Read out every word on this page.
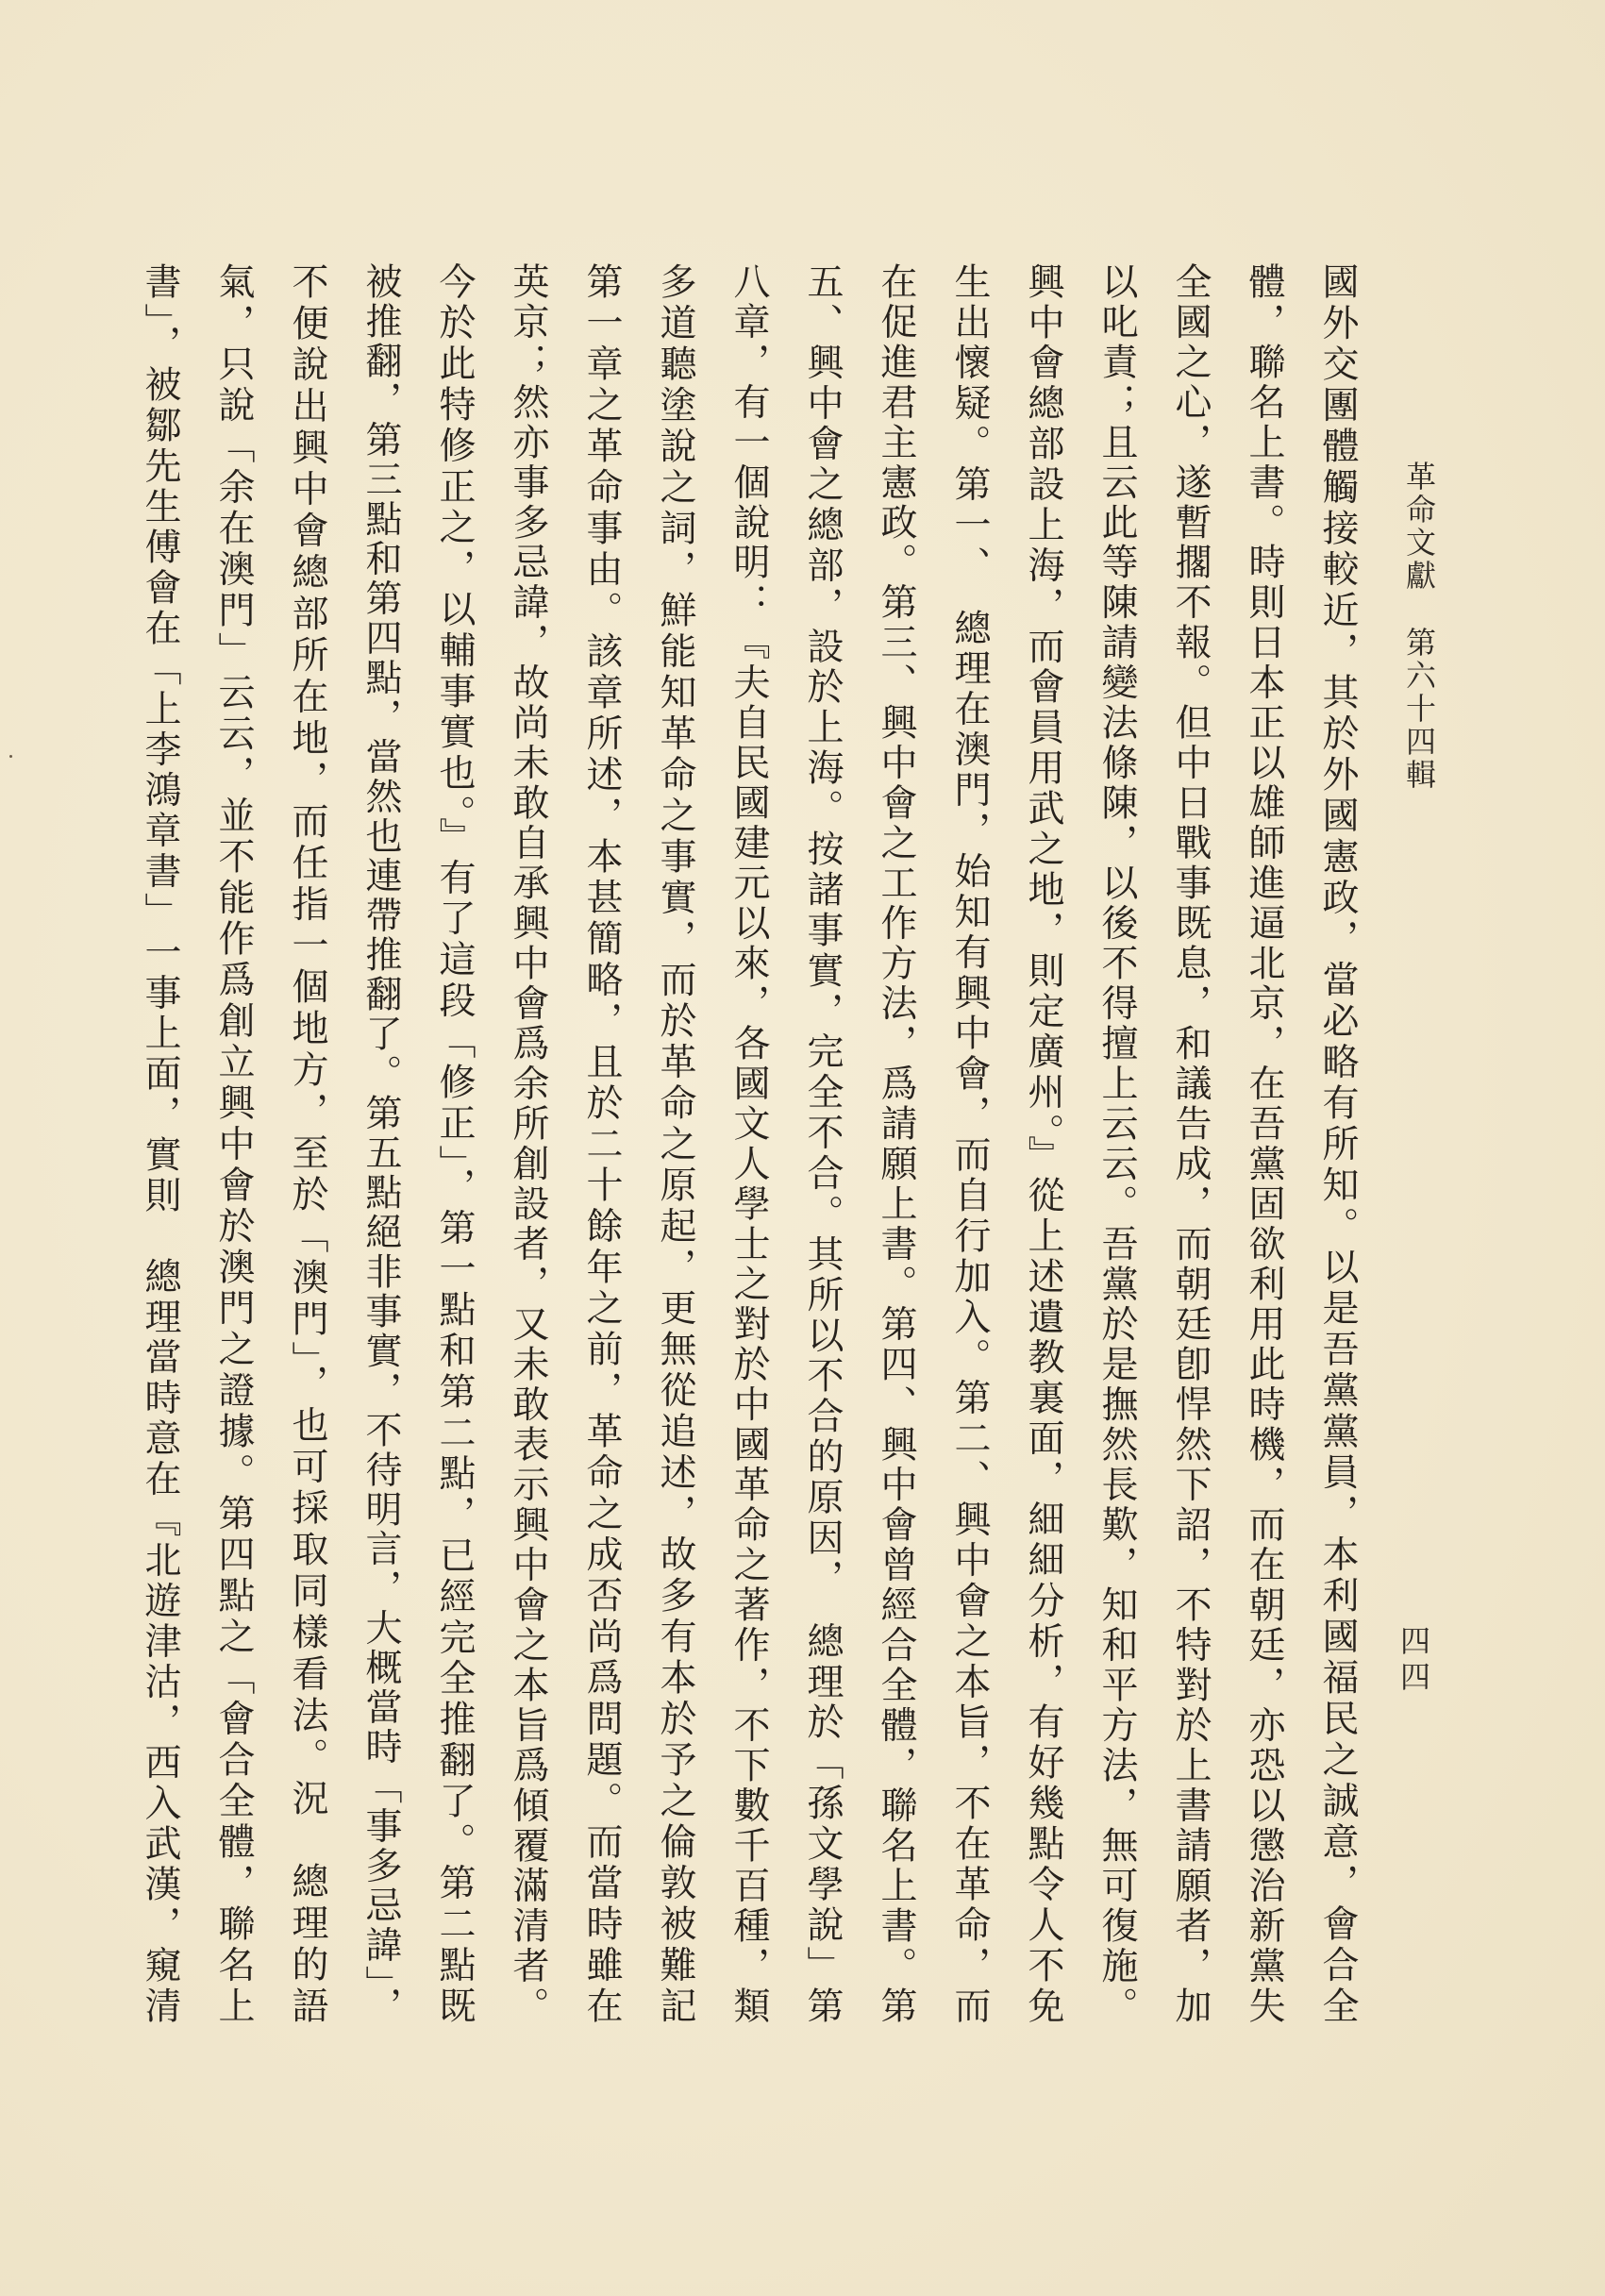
革命文獻第六十四輯
四四
國外交團體觸接較近，其於外國憲政，當必略有所知。以是吾黨黨員，本利國福民之誠意，會合全
體，聯名上書。時則日本正以雄師進逼北京，在吾黨固欲利用此時機，而在朝廷，亦恐以懲治新黨失
全國之心，遂暫擱不報。但中日戰事既息，和議告成，而朝廷卽悍然下詔，不特對於上書請願者，加
以叱責；且云此等陳請變法條陳，以後不得擅上云云。吾黨於是撫然長歎，知和平方法，無可復施。
興中會總部設上海，而會員用武之地，則定廣州。』從上述遺教裏面，細細分析，有好幾點令人不免
生出懷疑。第一、　總理在澳門，始知有興中會，而自行加入。第二、興中會之本旨，不在革命，而
在促進君主憲政。第三、興中會之工作方法，爲請願上書。第四、興中會曾經合全體，聯名上書。第
五、興中會之總部，設於上海。按諸事實，完全不合。其所以不合的原因，　總理於「孫文學說」第
八章，有一個說明：『夫自民國建元以來，各國文人學士之對於中國革命之著作，不下數千百種，類
多道聽塗說之詞，鮮能知革命之事實，而於革命之原起，更無從追述，故多有本於予之倫敦被難記
第一章之革命事由。該章所述，本甚簡略，且於二十餘年之前，革命之成否尚爲問題。而當時雖在
英京；然亦事多忌諱，故尚未敢自承興中會爲余所創設者，又未敢表示興中會之本旨爲傾覆滿清者。
今於此特修正之，以輔事實也。』有了這段「修正」，第一點和第二點，已經完全推翻了。第二點既
被推翻，第三點和第四點，當然也連帶推翻了。第五點絕非事實，不待明言，大概當時「事多忌諱」，
不便說出興中會總部所在地，而任指一個地方，至於「澳門」，也可採取同樣看法。況　總理的語
氣，只說「余在澳門」云云，並不能作爲創立興中會於澳門之證據。第四點之「會合全體，聯名上
書」，被鄒先生傅會在「上李鴻章書」一事上面，實則　總理當時意在『北遊津沽，西入武漢，窺清
